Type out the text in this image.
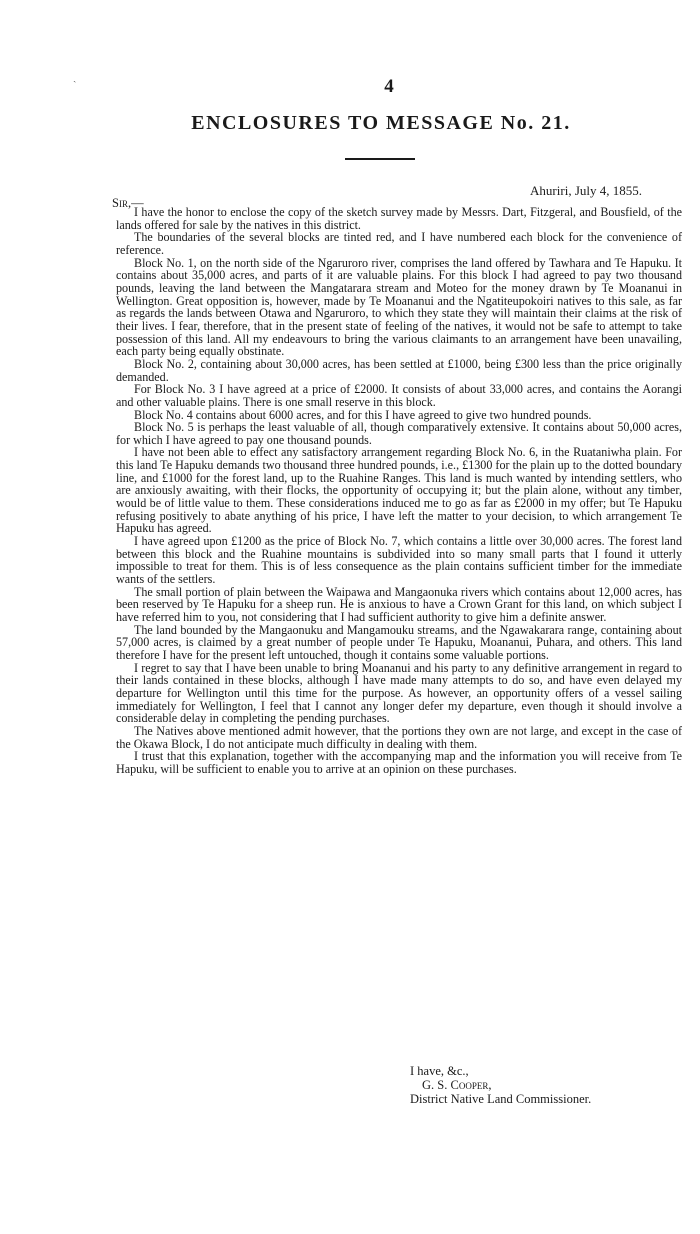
ˏ	4
ENCLOSURES TO MESSAGE No. 21.
Ahuriri, July 4, 1855.
Sir,—

I have the honor to enclose the copy of the sketch survey made by Messrs. Dart, Fitzgeral, and Bousfield, of the lands offered for sale by the natives in this district.

The boundaries of the several blocks are tinted red, and I have numbered each block for the convenience of reference.

Block No. 1, on the north side of the Ngaruroro river, comprises the land offered by Tawhara and Te Hapuku. It contains about 35,000 acres, and parts of it are valuable plains. For this block I had agreed to pay two thousand pounds, leaving the land between the Mangatarara stream and Moteo for the money drawn by Te Moananui in Wellington. Great opposition is, however, made by Te Moananui and the Ngatiteupokoiri natives to this sale, as far as regards the lands between Otawa and Ngaruroro, to which they state they will maintain their claims at the risk of their lives. I fear, therefore, that in the present state of feeling of the natives, it would not be safe to attempt to take possession of this land. All my endeavours to bring the various claimants to an arrangement have been unavailing, each party being equally obstinate.

Block No. 2, containing about 30,000 acres, has been settled at £1000, being £300 less than the price originally demanded.

For Block No. 3 I have agreed at a price of £2000. It consists of about 33,000 acres, and contains the Aorangi and other valuable plains. There is one small reserve in this block.

Block No. 4 contains about 6000 acres, and for this I have agreed to give two hundred pounds.

Block No. 5 is perhaps the least valuable of all, though comparatively extensive. It contains about 50,000 acres, for which I have agreed to pay one thousand pounds.

I have not been able to effect any satisfactory arrangement regarding Block No. 6, in the Ruataniwha plain. For this land Te Hapuku demands two thousand three hundred pounds, i.e., £1300 for the plain up to the dotted boundary line, and £1000 for the forest land, up to the Ruahine Ranges. This land is much wanted by intending settlers, who are anxiously awaiting, with their flocks, the opportunity of occupying it; but the plain alone, without any timber, would be of little value to them. These considerations induced me to go as far as £2000 in my offer; but Te Hapuku refusing positively to abate anything of his price, I have left the matter to your decision, to which arrangement Te Hapuku has agreed.

I have agreed upon £1200 as the price of Block No. 7, which contains a little over 30,000 acres. The forest land between this block and the Ruahine mountains is subdivided into so many small parts that I found it utterly impossible to treat for them. This is of less consequence as the plain contains sufficient timber for the immediate wants of the settlers.

The small portion of plain between the Waipawa and Mangaonuka rivers which contains about 12,000 acres, has been reserved by Te Hapuku for a sheep run. He is anxious to have a Crown Grant for this land, on which subject I have referred him to you, not considering that I had sufficient authority to give him a definite answer.

The land bounded by the Mangaonuku and Mangamouku streams, and the Ngawakarara range, containing about 57,000 acres, is claimed by a great number of people under Te Hapuku, Moananui, Puhara, and others. This land therefore I have for the present left untouched, though it contains some valuable portions.

I regret to say that I have been unable to bring Moananui and his party to any definitive arrangement in regard to their lands contained in these blocks, although I have made many attempts to do so, and have even delayed my departure for Wellington until this time for the purpose. As however, an opportunity offers of a vessel sailing immediately for Wellington, I feel that I cannot any longer defer my departure, even though it should involve a considerable delay in completing the pending purchases.

The Natives above mentioned admit however, that the portions they own are not large, and except in the case of the Okawa Block, I do not anticipate much difficulty in dealing with them.

I trust that this explanation, together with the accompanying map and the information you will receive from Te Hapuku, will be sufficient to enable you to arrive at an opinion on these purchases.

I have, &c.,
G. S. Cooper,
District Native Land Commissioner.
